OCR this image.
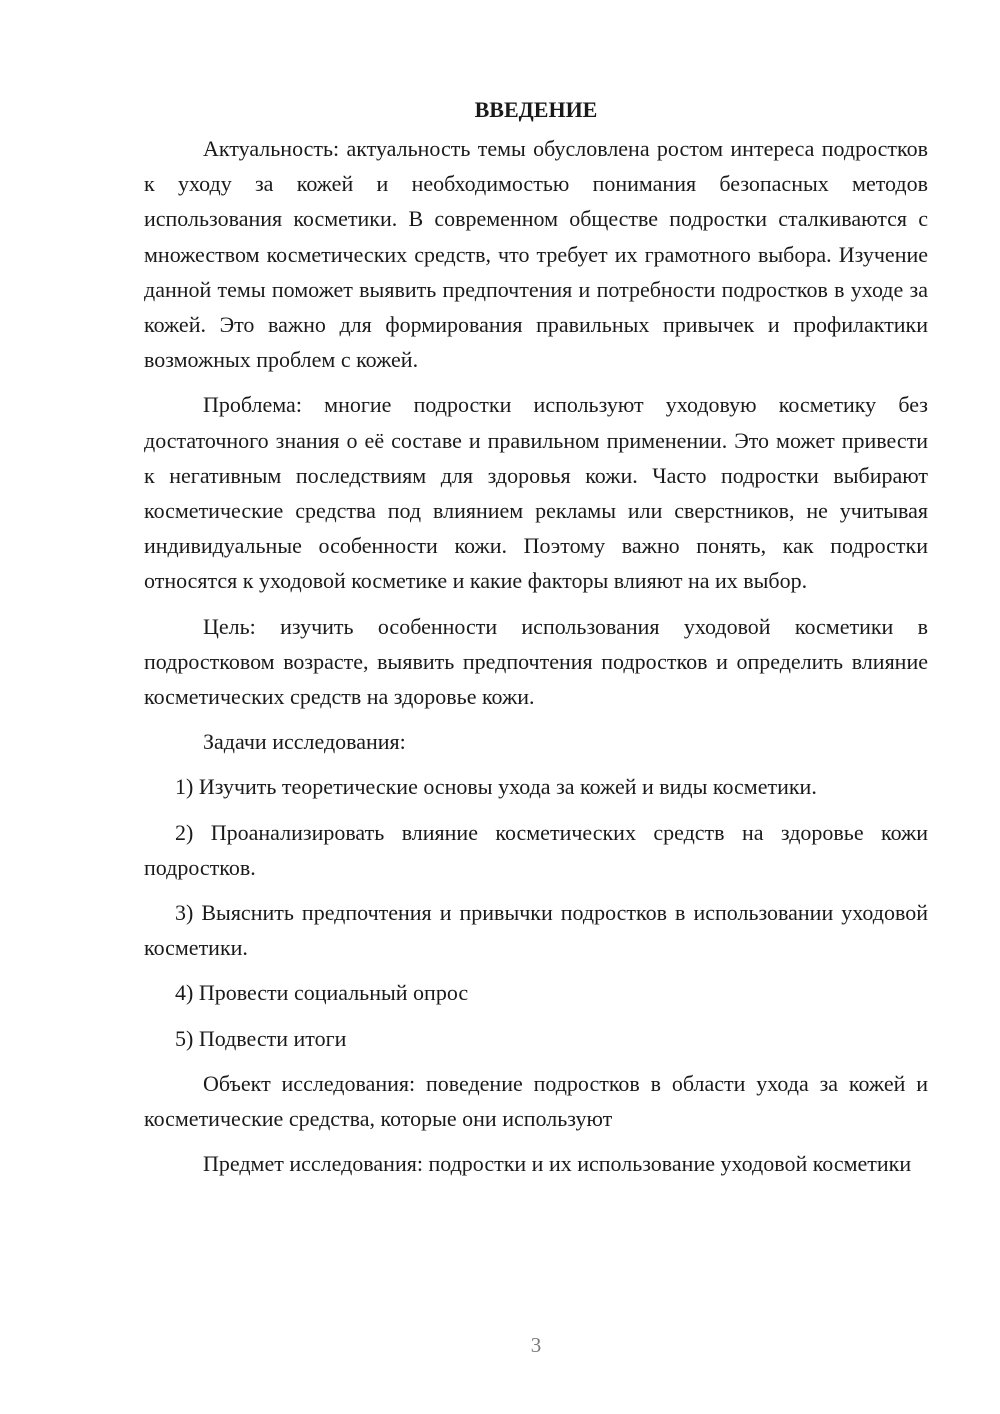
ВВЕДЕНИЕ

Актуальность: актуальность темы обусловлена ростом интереса подростков к уходу за кожей и необходимостью понимания безопасных методов использования косметики. В современном обществе подростки сталкиваются с множеством косметических средств, что требует их грамотного выбора. Изучение данной темы поможет выявить предпочтения и потребности подростков в уходе за кожей. Это важно для формирования правильных привычек и профилактики возможных проблем с кожей.

Проблема: многие подростки используют уходовую косметику без достаточного знания о её составе и правильном применении. Это может привести к негативным последствиям для здоровья кожи. Часто подростки выбирают косметические средства под влиянием рекламы или сверстников, не учитывая индивидуальные особенности кожи. Поэтому важно понять, как подростки относятся к уходовой косметике и какие факторы влияют на их выбор.

Цель: изучить особенности использования уходовой косметики в подростковом возрасте, выявить предпочтения подростков и определить влияние косметических средств на здоровье кожи.

Задачи исследования:

1) Изучить теоретические основы ухода за кожей и виды косметики.

2) Проанализировать влияние косметических средств на здоровье кожи подростков.

3) Выяснить предпочтения и привычки подростков в использовании уходовой косметики.

4) Провести социальный опрос

5) Подвести итоги

Объект исследования: поведение подростков в области ухода за кожей и косметические средства, которые они используют

Предмет исследования: подростки и их использование уходовой косметики

3
